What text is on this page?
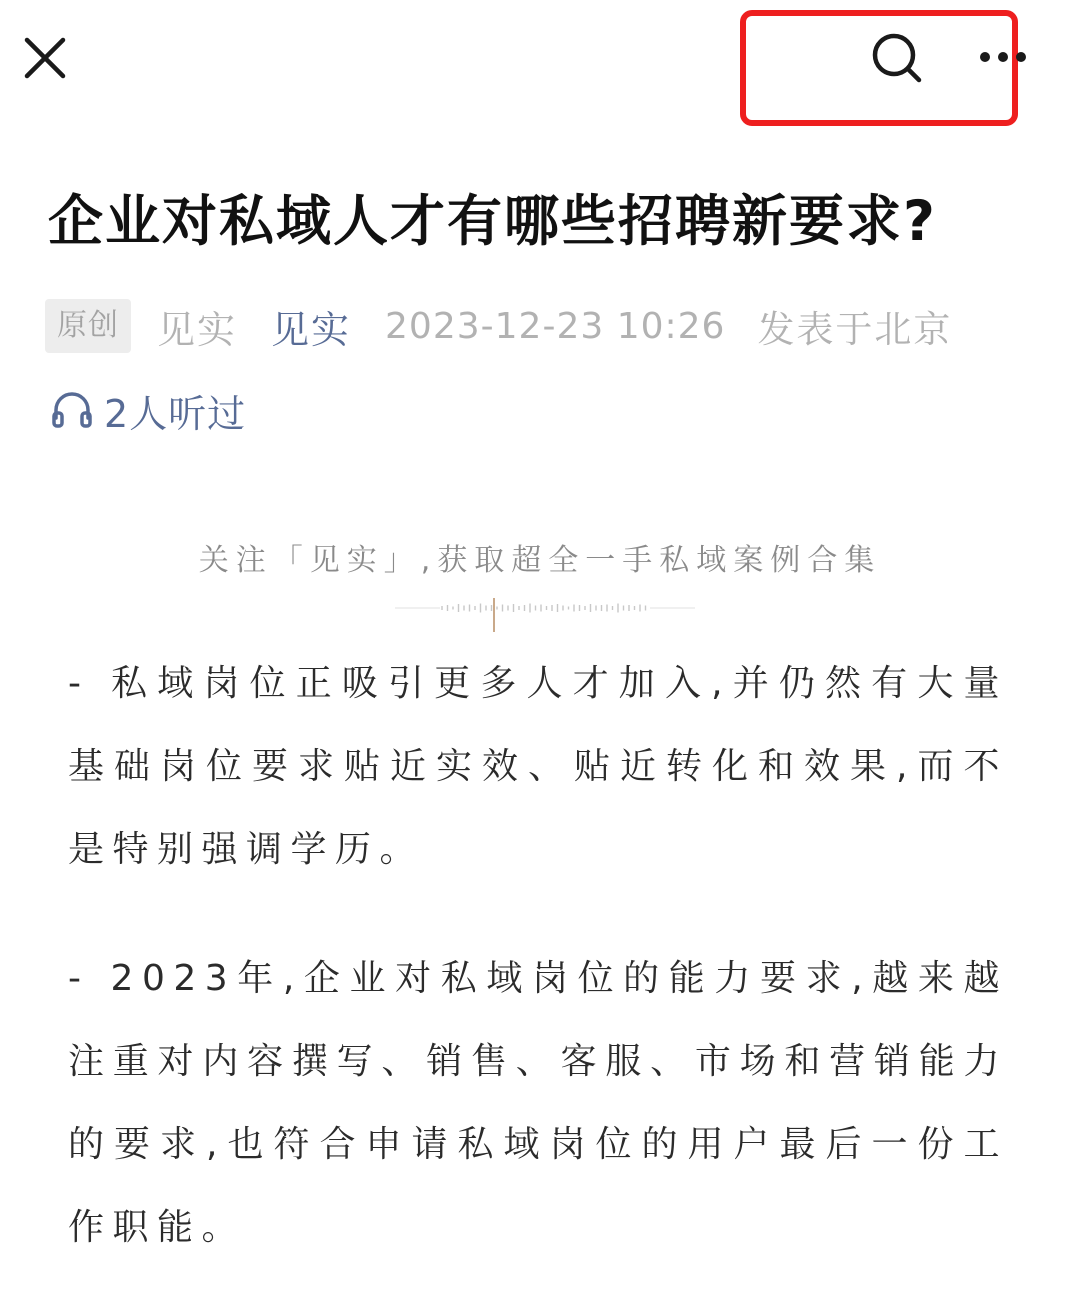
企业对私域人才有哪些招聘新要求?
原创	见实 见实 2023-12-23 10:26 发表于北京
2人听过
关注「见实」,获取超全一手私域案例合集
- 私域岗位正吸引更多人才加入,并仍然有大量基础岗位要求贴近实效、贴近转化和效果,而不是特别强调学历。
- 2023年,企业对私域岗位的能力要求,越来越注重对内容撰写、销售、客服、市场和营销能力的要求,也符合申请私域岗位的用户最后一份工作职能。
